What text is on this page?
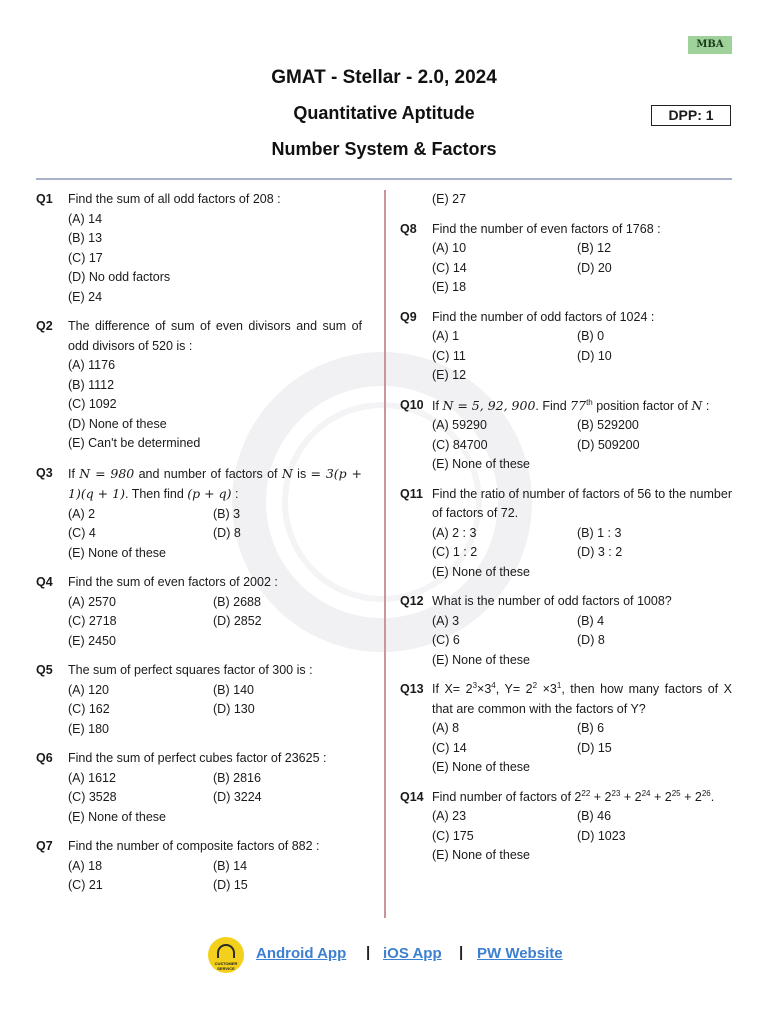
MBA
GMAT - Stellar - 2.0, 2024
Quantitative Aptitude
Number System & Factors
DPP: 1
Q1	Find the sum of all odd factors of 208 :
(A) 14
(B) 13
(C) 17
(D) No odd factors
(E) 24
Q2	The difference of sum of even divisors and sum of odd divisors of 520 is :
(A) 1176
(B) 1112
(C) 1092
(D) None of these
(E) Can't be determined
Q3	If N = 980 and number of factors of N is = 3(p + 1)(q + 1). Then find (p + q) :
(A) 2	(B) 3
(C) 4	(D) 8
(E) None of these
Q4	Find the sum of even factors of 2002 :
(A) 2570	(B) 2688
(C) 2718	(D) 2852
(E) 2450
Q5	The sum of perfect squares factor of 300 is :
(A) 120	(B) 140
(C) 162	(D) 130
(E) 180
Q6	Find the sum of perfect cubes factor of 23625 :
(A) 1612	(B) 2816
(C) 3528	(D) 3224
(E) None of these
Q7	Find the number of composite factors of 882 :
(A) 18	(B) 14
(C) 21	(D) 15
(E) 27
Q8	Find the number of even factors of 1768 :
(A) 10	(B) 12
(C) 14	(D) 20
(E) 18
Q9	Find the number of odd factors of 1024 :
(A) 1	(B) 0
(C) 11	(D) 10
(E) 12
Q10 If N = 5, 92, 900. Find 77th position factor of N :
(A) 59290	(B) 529200
(C) 84700	(D) 509200
(E) None of these
Q11 Find the ratio of number of factors of 56 to the number of factors of 72.
(A) 2 : 3	(B) 1 : 3
(C) 1 : 2	(D) 3 : 2
(E) None of these
Q12 What is the number of odd factors of 1008?
(A) 3	(B) 4
(C) 6	(D) 8
(E) None of these
Q13 If $X= 2^3\times 3^4$, $Y= 2^2 \times 3^1$, then how many factors of X that are common with the factors of Y?
(A) 8	(B) 6
(C) 14	(D) 15
(E) None of these
Q14 Find number of factors of $2^{22} + 2^{23} + 2^{24} + 2^{25} + 2^{26}$.
(A) 23	(B) 46
(C) 175	(D) 1023
(E) None of these
CUSTOMER SERVICE
Android App | iOS App | PW Website
